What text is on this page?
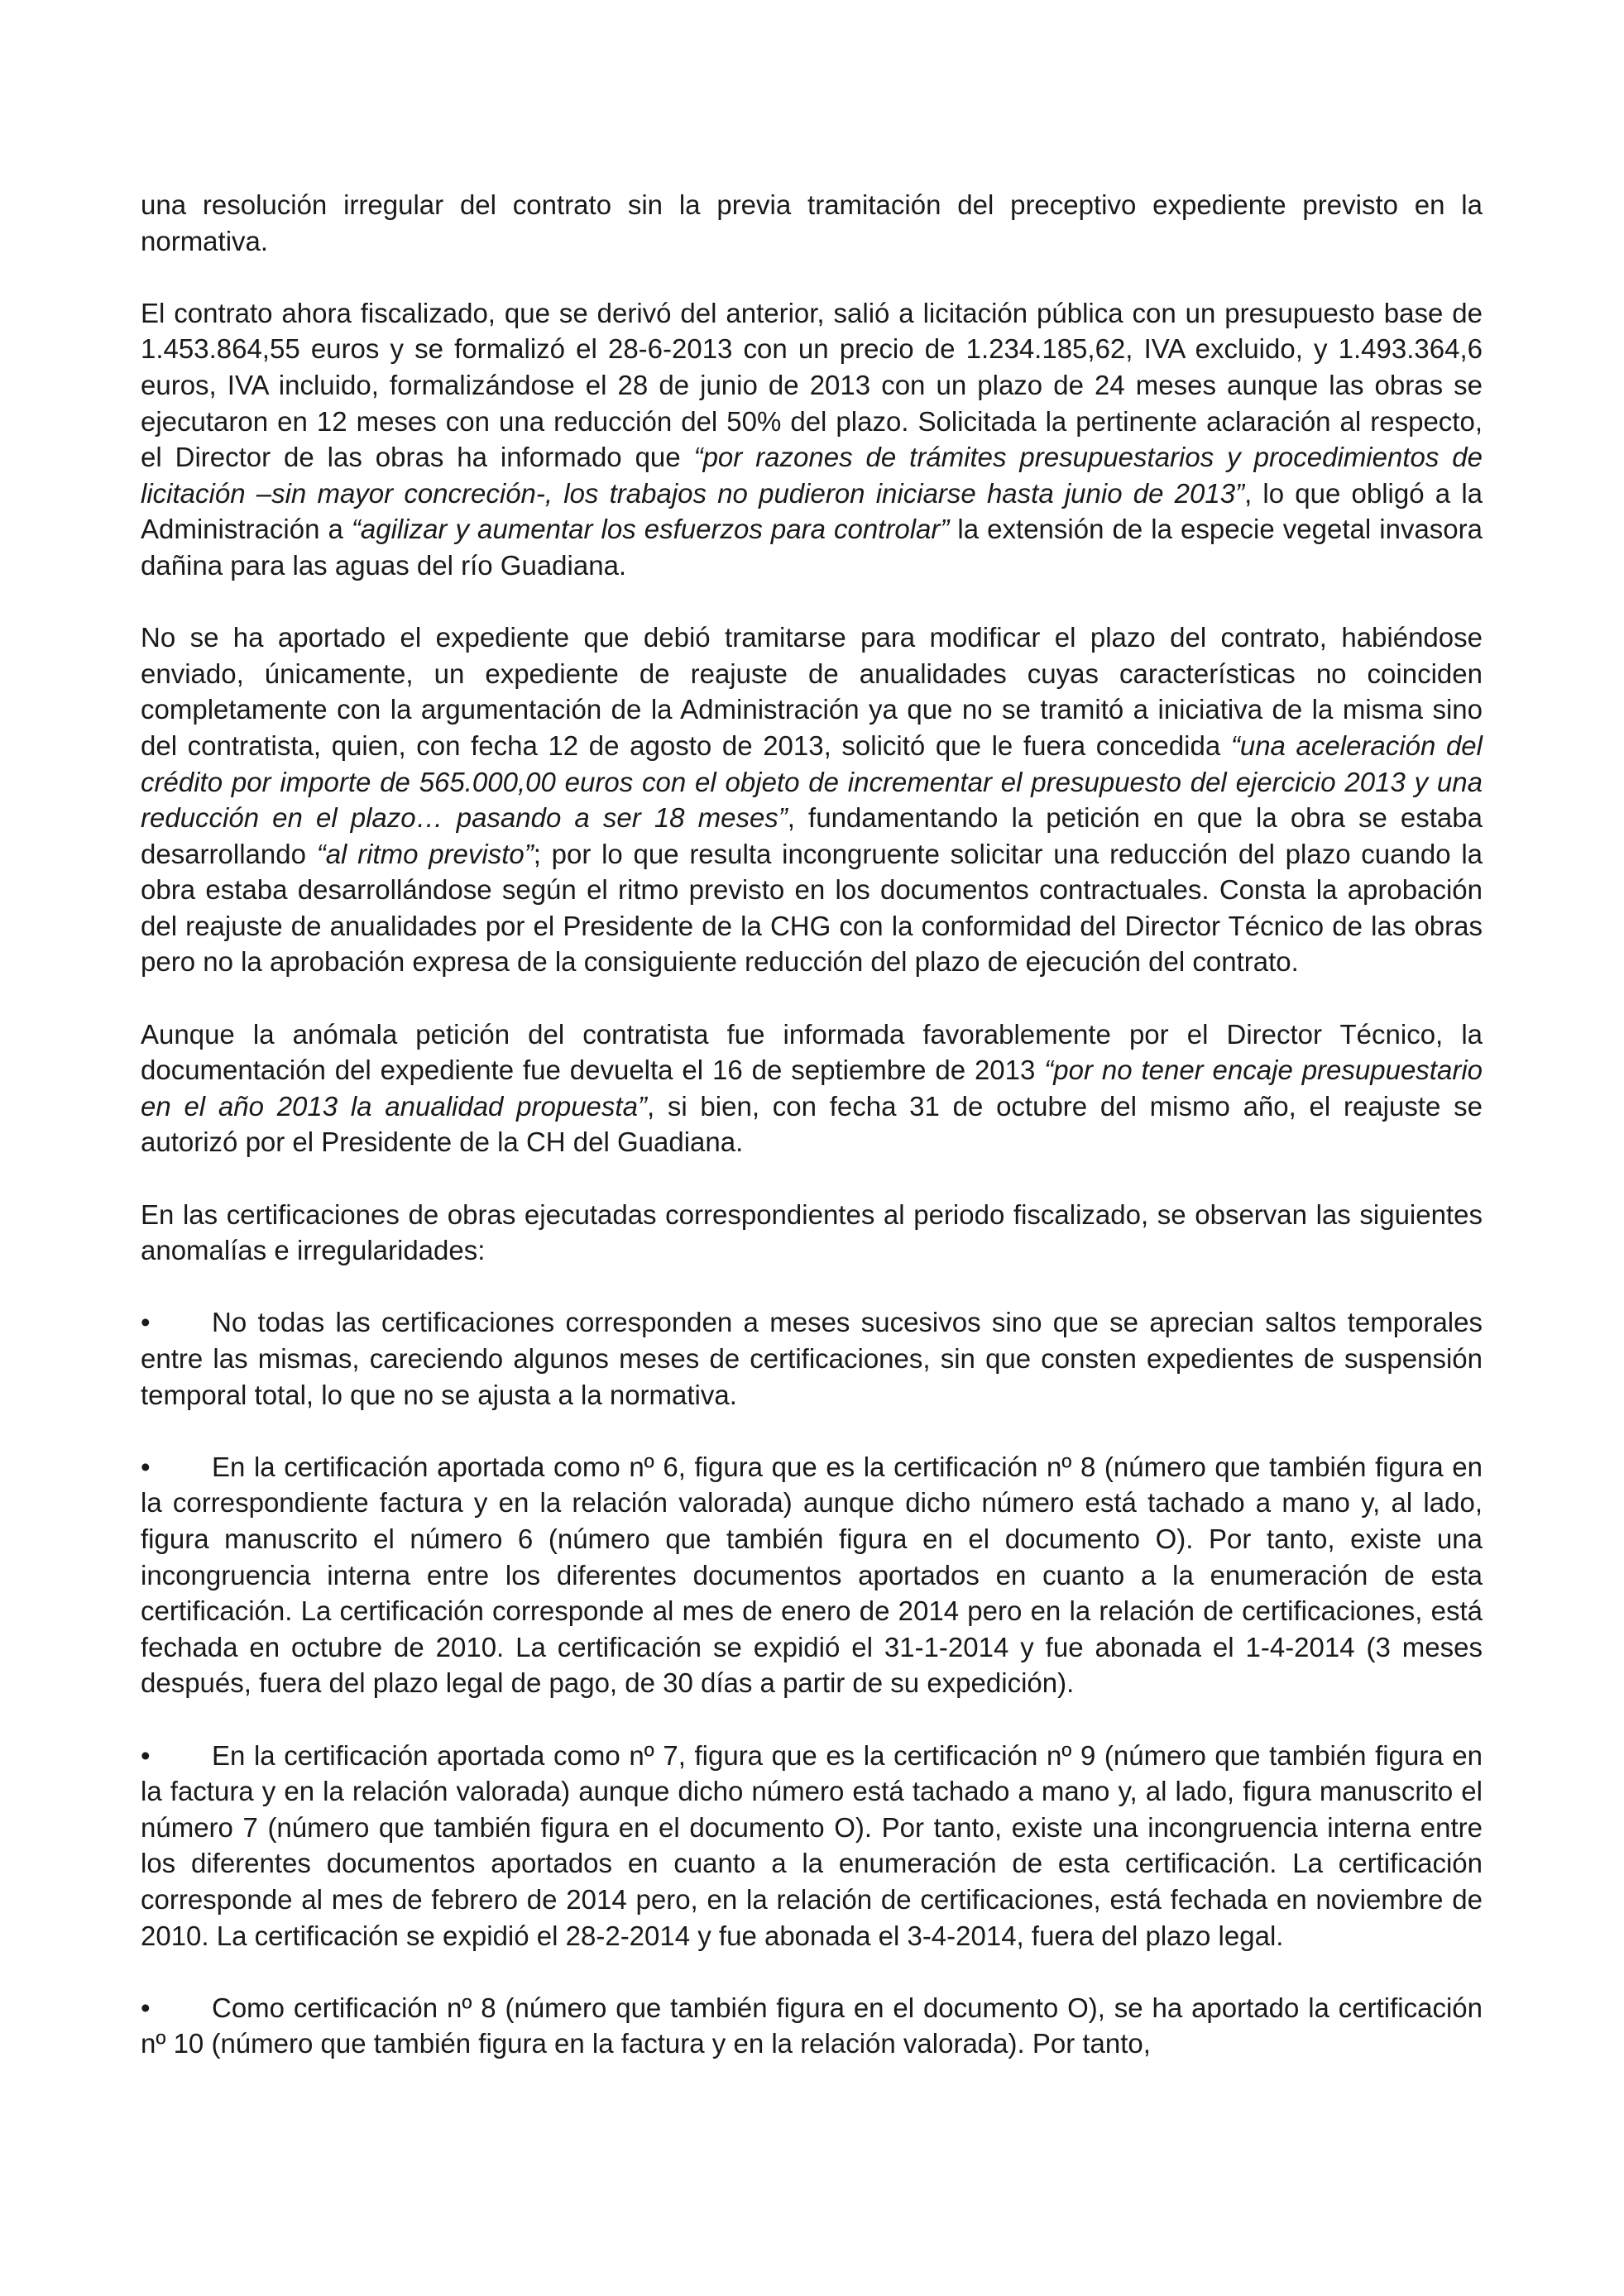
una resolución irregular del contrato sin la previa tramitación del preceptivo expediente previsto en la normativa.

El contrato ahora fiscalizado, que se derivó del anterior, salió a licitación pública con un presupuesto base de 1.453.864,55 euros y se formalizó el 28-6-2013 con un precio de 1.234.185,62, IVA excluido, y 1.493.364,6 euros, IVA incluido, formalizándose el 28 de junio de 2013 con un plazo de 24 meses aunque las obras se ejecutaron en 12 meses con una reducción del 50% del plazo. Solicitada la pertinente aclaración al respecto, el Director de las obras ha informado que “por razones de trámites presupuestarios y procedimientos de licitación –sin mayor concreción-, los trabajos no pudieron iniciarse hasta junio de 2013”, lo que obligó a la Administración a “agilizar y aumentar los esfuerzos para controlar” la extensión de la especie vegetal invasora dañina para las aguas del río Guadiana.

No se ha aportado el expediente que debió tramitarse para modificar el plazo del contrato, habiéndose enviado, únicamente, un expediente de reajuste de anualidades cuyas características no coinciden completamente con la argumentación de la Administración ya que no se tramitó a iniciativa de la misma sino del contratista, quien, con fecha 12 de agosto de 2013, solicitó que le fuera concedida “una aceleración del crédito por importe de 565.000,00 euros con el objeto de incrementar el presupuesto del ejercicio 2013 y una reducción en el plazo… pasando a ser 18 meses”, fundamentando la petición en que la obra se estaba desarrollando “al ritmo previsto”; por lo que resulta incongruente solicitar una reducción del plazo cuando la obra estaba desarrollándose según el ritmo previsto en los documentos contractuales. Consta la aprobación del reajuste de anualidades por el Presidente de la CHG con la conformidad del Director Técnico de las obras pero no la aprobación expresa de la consiguiente reducción del plazo de ejecución del contrato.

Aunque la anómala petición del contratista fue informada favorablemente por el Director Técnico, la documentación del expediente fue devuelta el 16 de septiembre de 2013 “por no tener encaje presupuestario en el año 2013 la anualidad propuesta”, si bien, con fecha 31 de octubre del mismo año, el reajuste se autorizó por el Presidente de la CH del Guadiana.

En las certificaciones de obras ejecutadas correspondientes al periodo fiscalizado, se observan las siguientes anomalías e irregularidades:

• No todas las certificaciones corresponden a meses sucesivos sino que se aprecian saltos temporales entre las mismas, careciendo algunos meses de certificaciones, sin que consten expedientes de suspensión temporal total, lo que no se ajusta a la normativa.

• En la certificación aportada como nº 6, figura que es la certificación nº 8 (número que también figura en la correspondiente factura y en la relación valorada) aunque dicho número está tachado a mano y, al lado, figura manuscrito el número 6 (número que también figura en el documento O). Por tanto, existe una incongruencia interna entre los diferentes documentos aportados en cuanto a la enumeración de esta certificación. La certificación corresponde al mes de enero de 2014 pero en la relación de certificaciones, está fechada en octubre de 2010. La certificación se expidió el 31-1-2014 y fue abonada el 1-4-2014 (3 meses después, fuera del plazo legal de pago, de 30 días a partir de su expedición).

• En la certificación aportada como nº 7, figura que es la certificación nº 9 (número que también figura en la factura y en la relación valorada) aunque dicho número está tachado a mano y, al lado, figura manuscrito el número 7 (número que también figura en el documento O). Por tanto, existe una incongruencia interna entre los diferentes documentos aportados en cuanto a la enumeración de esta certificación. La certificación corresponde al mes de febrero de 2014 pero, en la relación de certificaciones, está fechada en noviembre de 2010. La certificación se expidió el 28-2-2014 y fue abonada el 3-4-2014, fuera del plazo legal.

• Como certificación nº 8 (número que también figura en el documento O), se ha aportado la certificación nº 10 (número que también figura en la factura y en la relación valorada). Por tanto,
